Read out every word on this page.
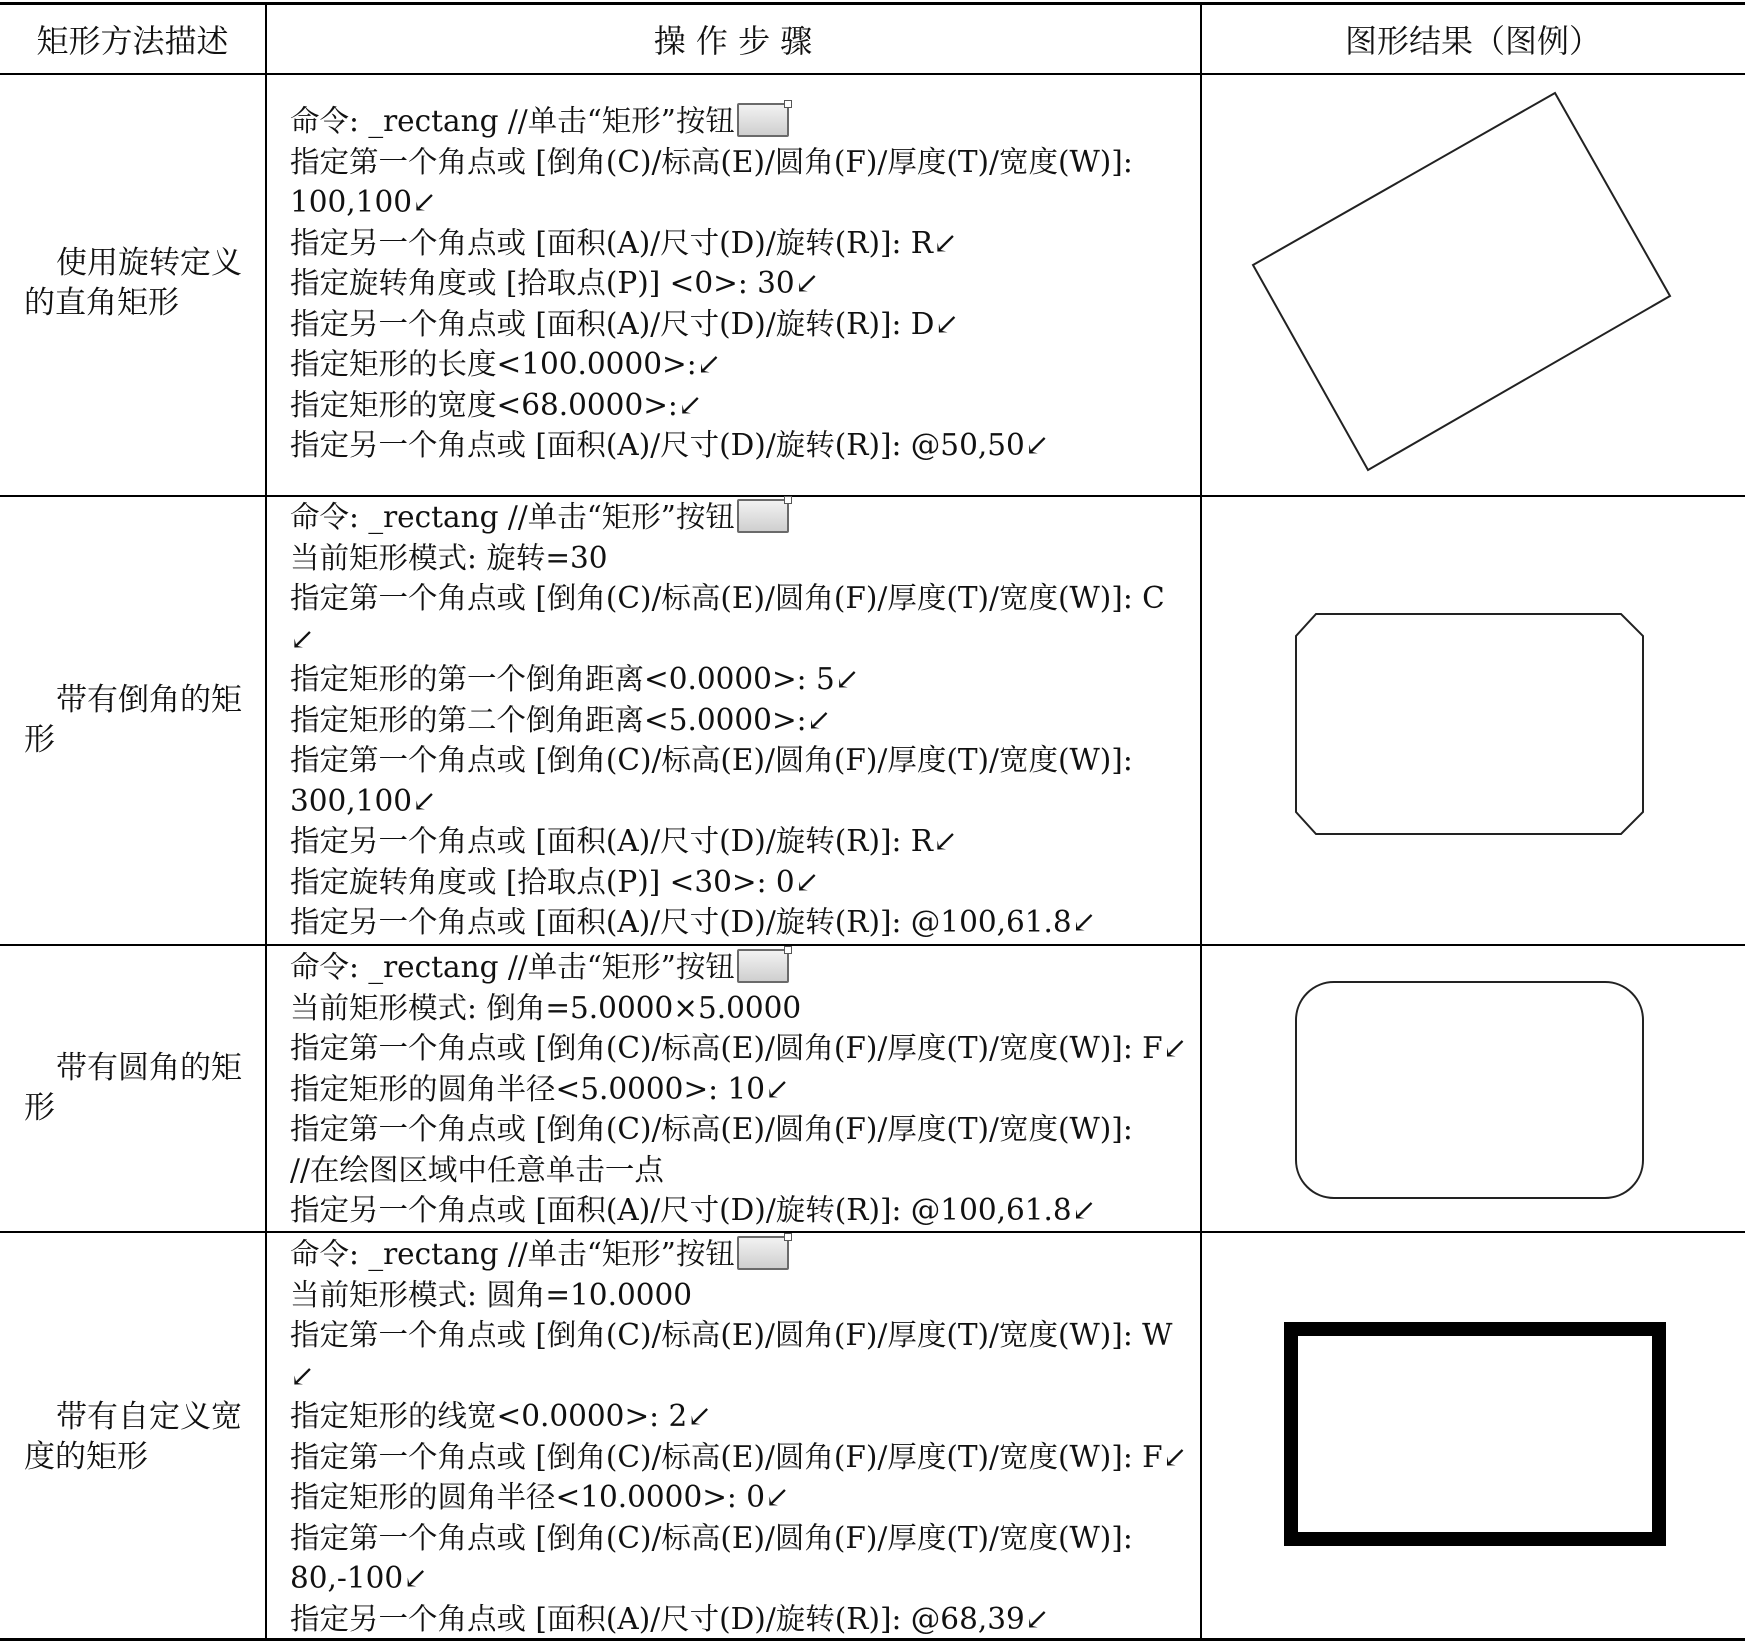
矩形方法描述	操 作 步 骤	图形结果（图例）
使用旋转定义的直角矩形
命令: _rectang //单击“矩形”按钮
指定第一个角点或 [倒角(C)/标高(E)/圆角(F)/厚度(T)/宽度(W)]:
100,100↙
指定另一个角点或 [面积(A)/尺寸(D)/旋转(R)]: R↙
指定旋转角度或 [拾取点(P)] <0>: 30↙
指定另一个角点或 [面积(A)/尺寸(D)/旋转(R)]: D↙
指定矩形的长度<100.0000>:↙
指定矩形的宽度<68.0000>:↙
指定另一个角点或 [面积(A)/尺寸(D)/旋转(R)]: @50,50↙
带有倒角的矩形
命令: _rectang //单击“矩形”按钮
当前矩形模式: 旋转=30
指定第一个角点或 [倒角(C)/标高(E)/圆角(F)/厚度(T)/宽度(W)]: C
↙
指定矩形的第一个倒角距离<0.0000>: 5↙
指定矩形的第二个倒角距离<5.0000>:↙
指定第一个角点或 [倒角(C)/标高(E)/圆角(F)/厚度(T)/宽度(W)]:
300,100↙
指定另一个角点或 [面积(A)/尺寸(D)/旋转(R)]: R↙
指定旋转角度或 [拾取点(P)] <30>: 0↙
指定另一个角点或 [面积(A)/尺寸(D)/旋转(R)]: @100,61.8↙
带有圆角的矩形
命令: _rectang //单击“矩形”按钮
当前矩形模式: 倒角=5.0000×5.0000
指定第一个角点或 [倒角(C)/标高(E)/圆角(F)/厚度(T)/宽度(W)]: F↙
指定矩形的圆角半径<5.0000>: 10↙
指定第一个角点或 [倒角(C)/标高(E)/圆角(F)/厚度(T)/宽度(W)]:
//在绘图区域中任意单击一点
指定另一个角点或 [面积(A)/尺寸(D)/旋转(R)]: @100,61.8↙
带有自定义宽度的矩形
命令: _rectang //单击“矩形”按钮
当前矩形模式: 圆角=10.0000
指定第一个角点或 [倒角(C)/标高(E)/圆角(F)/厚度(T)/宽度(W)]: W
↙
指定矩形的线宽<0.0000>: 2↙
指定第一个角点或 [倒角(C)/标高(E)/圆角(F)/厚度(T)/宽度(W)]: F↙
指定矩形的圆角半径<10.0000>: 0↙
指定第一个角点或 [倒角(C)/标高(E)/圆角(F)/厚度(T)/宽度(W)]:
80,-100↙
指定另一个角点或 [面积(A)/尺寸(D)/旋转(R)]: @68,39↙
